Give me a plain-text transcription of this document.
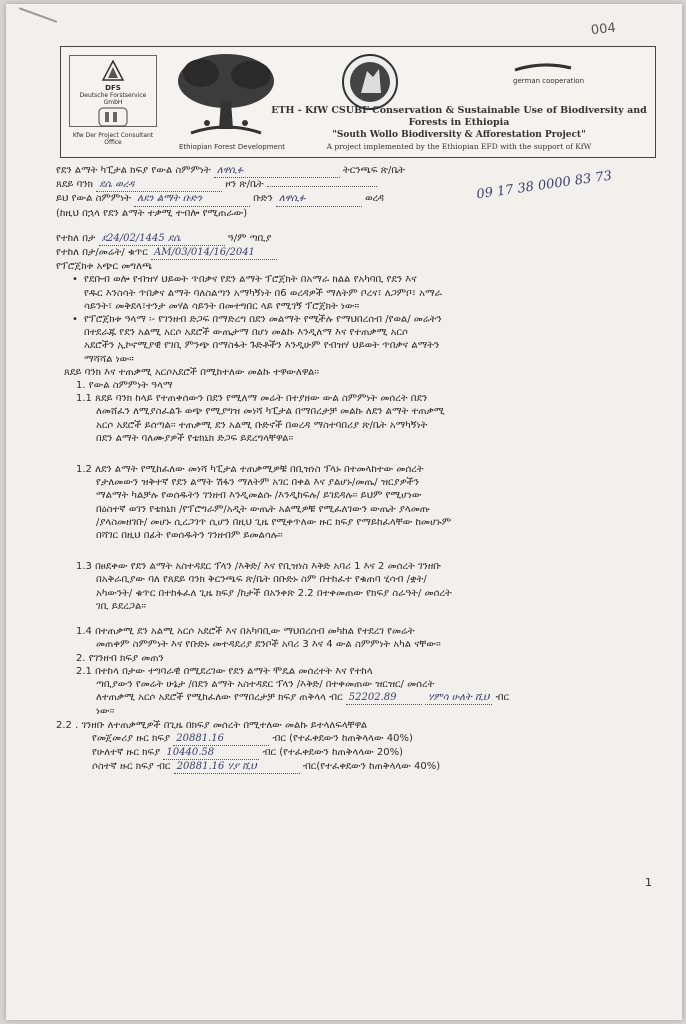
004
DFS
Deutsche Forstservice GmbH
Kfw Der Project Consultant Office
Ethiopian Forest Development
german cooperation
ETH - KfW CSUBF Conservation & Sustainable Use of Biodiversity and
Forests in Ethiopia
"South Wollo Biodiversity & Afforestation Project"
A project implemented by the Ethiopian EFD with the support of KfW
09 17 38 0000 83 73
የደን ልማት ካፒታል ክፍያ የውል ስምምነት ለዋሲፉ	ትርንጫፍ ጽ/ቤት
ጸደይ ባንክ ደሴ ወረዳ	ዞን ጽ/ቤት
ይህ የውል ስምምነት ለደን ልማት ቡድን	ቡድን ለዋሲፉ	ወረዳ
(ከዚህ በኋላ የደን ልማት ተቃሚ ተብሎ የሚጠራው)
የተከለ በታ ደ24/02/1445 ደሴ	ዓ/ም ጣቢያ
የተከለ በታ/መሬት/ ቁጥር AM/03/014/16/2041
የፕሮጀክቱ አጭር መግለጫ
• የደቡብ ወሎ የብዝሃ ህይወት ጥበቃና የደን ልማት ፕሮጀክት በአማራ ክልል የአካባቢ የደን እና
የዱር እንስሳት ጥበቃና ልማት ባለስልጣን አማካኝነት በ6 ወረዳዎች ማለትም ቦረና፣ ለጋምቦ፣ አማራ
ሳይንት፣ መቅደላ፣ተንታ መሃል ሳይንት በመተግበር ላይ የሚገኝ ፕሮጀክት ነው።
• የፕሮጀክቱ ዓላማ ፡- የገንዘብ ድጋፍ በማድረግ በደን መልማት የሚችሉ የማህበረሰብ /የወል/ መሬትን
በተደራጁ የደን አልሚ አርሶ አደሮች ውጤታማ በሆነ መልኩ እንዲለማ እና የተጠቃሚ አርሶ
አደሮችን ኢኮኖሚያዊ የገቢ ምንጭ በማስፋት ጉድቶችን እንዲሁም የብዝሃ ህይወት ጥበቃና ልማትን
ማሻሻል ነው።
ጸደይ ባንክ እና ተጠቃሚ አርሶአደሮች በሚከተለው መልኩ ተዋውለዋል፡፡
1. የውል ስምምነት ዓላማ
1.1 ጸደይ ባንክ ከላይ የተጠቀሰውን በደን የሚለማ መሬት በተያዘው ውል ስምምነት መሰረት በደን
ለመሸፈን ለሚያስፈልጉ ወጭ የሚያግዝ መነሻ ካፒታል በማበረታቻ መልኩ ለደን ልማት ተጠቃሚ
አርሶ አደሮች ይሰጣል፡፡ ተጠቃሚ ደን አልሚ ቡድኖች በወረዳ ማስተባበሪያ ጽ/ቤት አማካኝነት
በደን ልማት ባለሙያዎች የቴክኒክ ድጋፍ ይደረግላቸዋል፡፡
1.2 ለደን ልማት የሚከፈለው መነሻ ካፒታል ተጠቃሚዎቹ በቢዝነስ ፕላኑ በተመላከተው መሰረት
የታለመውን ዝቅተኛ የደን ልማት ሽፋን ማለትም አገር በቀል እና ያልሆኑ/መጤ/ ዝርያዎችን
ማልማት ካልቻሉ የወሰዱትን ገንዘብ እንዲመልሱ /እንዲከፍሉ/ ይገደዳሉ፡፡ ይህም የሚሆነው
በዕስተኛ ወገን የቴክኒክ /የፕሮግራም/አዲት ውጤት አልሚዎቹ የሚፈለገውን ውጤት ያላመጡ
/ያላስመዘገቡ/ መሆኑ ሲረጋገጥ ሲሆን በዚህ ጊዜ የሚቀጥለው ዙር ክፍያ የማይከፈላቸው ከመሆኑም
በሻገር በዚህ በፊት የወሰዱትን ገንዘብም ይመልሳሉ፡፡
1.3 በፀደቀው የደን ልማት አስተዳደር ፕላን /እቅድ/ እና የቢዝነስ እቅድ አባሪ 1 እና 2 መሰረት ገንዘቡ
በአቅራቢያው ባለ የጸደይ ባንክ ቅርንጫፍ ጽ/ቤት በቡድኑ ስም በተከፈተ የቁጠባ ሂሳብ /ቋት/
አካውንት/ ቁጥር በተከፋፈለ ጊዜ ክፍያ /ከታች በአንቀጽ 2.2 በተቀመጠው የክፍያ ስራዓት/ መሰረት
ገቢ ይደረጋል፡፡
1.4 በተጠቃሚ ደን አልሚ አርሶ አደሮች እና በአካባቢው ማህበረሰብ መካከል የተደረገ የመሬት
መጠቀም ስምምነት እና የቡድኑ መተዳደሪያ ደንቦች አባሪ 3 እና 4 ውል ስምምነት አካል ናቸው፡፡
2. የገንዘብ ክፍያ መጠን
2.1 በተከላ በታው ተግባራዊ በሚደረገው የደን ልማት ሞዴል መሰረተት እና የተከላ
ጣቢያውን የመሬት ሁኔታ /በደን ልማት አስተዳደር ፕላን /እቅድ/ በተቀመጠው ዝርዝር/ መሰረት
ለተጠቃሚ አርሶ አደሮች የሚከፈለው የማበረታቻ ክፍያ ጠቅላላ ብር 52202.89	ሃምሳ ሁለት ሺህ ብር
ነው፡፡
2.2 . ገንዘቡ ለተጠቃሚዎች በጊዜ በክፍያ መሰረት በሚተለው መልኩ ይተላለፍላቸዋል
የመጀመሪያ ዙር ክፍያ 20881.16	ብር (የተፈቀደውን ከጠቅላላው 40%)
የሁለተኛ ዙር ክፍያ 10440.58	ብር (የተፈቀደውን ከጠቅላላው 20%)
ሶስተኛ ዙር ክፍያ ብር 20881.16 ሃያ ሺህ	ብር(የተፈቀደውን ከጠቅላላው 40%)
1
